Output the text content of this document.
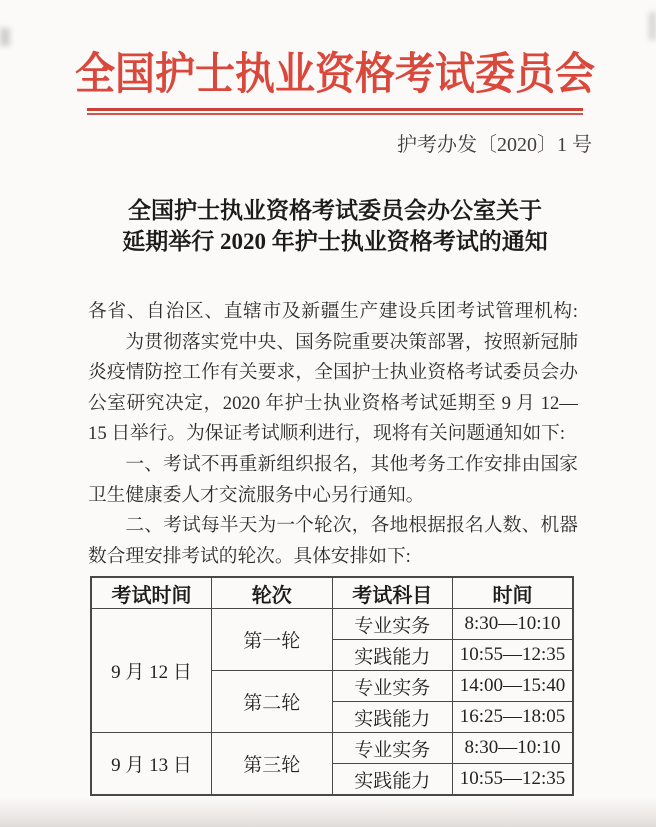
全国护士执业资格考试委员会
护考办发〔2020〕1 号
全国护士执业资格考试委员会办公室关于
延期举行 2020 年护士执业资格考试的通知

各省、自治区、直辖市及新疆生产建设兵团考试管理机构:

为贯彻落实党中央、国务院重要决策部署，按照新冠肺炎疫情防控工作有关要求，全国护士执业资格考试委员会办公室研究决定，2020 年护士执业资格考试延期至 9 月 12—15 日举行。为保证考试顺利进行，现将有关问题通知如下:

一、考试不再重新组织报名，其他考务工作安排由国家卫生健康委人才交流服务中心另行通知。

二、考试每半天为一个轮次，各地根据报名人数、机器数合理安排考试的轮次。具体安排如下:

考试时间	轮次	考试科目	时间
9 月 12 日	第一轮	专业实务	8:30—10:10
		实践能力	10:55—12:35
	第二轮	专业实务	14:00—15:40
		实践能力	16:25—18:05
9 月 13 日	第三轮	专业实务	8:30—10:10
		实践能力	10:55—12:35
